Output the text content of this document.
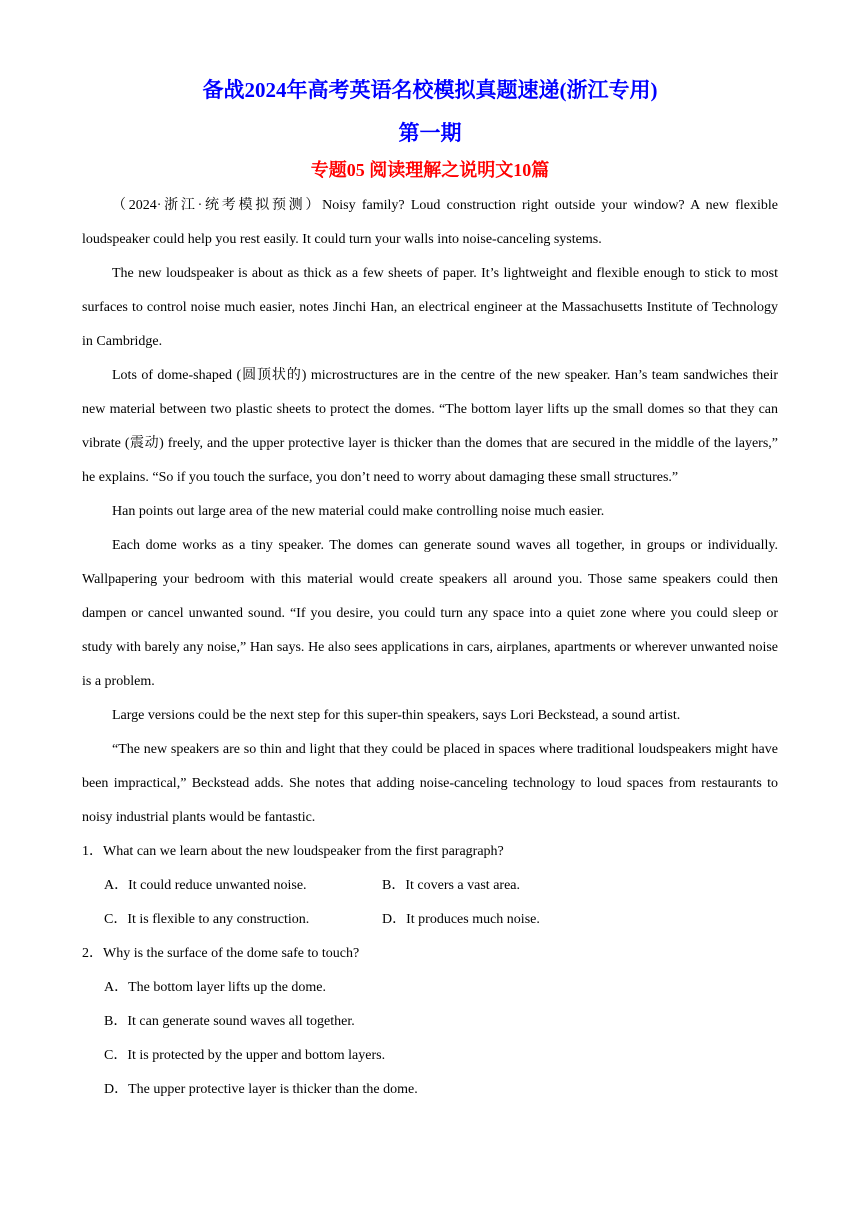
备战2024年高考英语名校模拟真题速递(浙江专用)
第一期
专题05 阅读理解之说明文10篇

（2024·浙江·统考模拟预测）Noisy family? Loud construction right outside your window? A new flexible loudspeaker could help you rest easily. It could turn your walls into noise-canceling systems.

The new loudspeaker is about as thick as a few sheets of paper. It’s lightweight and flexible enough to stick to most surfaces to control noise much easier, notes Jinchi Han, an electrical engineer at the Massachusetts Institute of Technology in Cambridge.

Lots of dome-shaped (圆顶状的) microstructures are in the centre of the new speaker. Han’s team sandwiches their new material between two plastic sheets to protect the domes. “The bottom layer lifts up the small domes so that they can vibrate (震动) freely, and the upper protective layer is thicker than the domes that are secured in the middle of the layers,” he explains. “So if you touch the surface, you don’t need to worry about damaging these small structures.”

Han points out large area of the new material could make controlling noise much easier.

Each dome works as a tiny speaker. The domes can generate sound waves all together, in groups or individually. Wallpapering your bedroom with this material would create speakers all around you. Those same speakers could then dampen or cancel unwanted sound. “If you desire, you could turn any space into a quiet zone where you could sleep or study with barely any noise,” Han says. He also sees applications in cars, airplanes, apartments or wherever unwanted noise is a problem.

Large versions could be the next step for this super-thin speakers, says Lori Beckstead, a sound artist.

“The new speakers are so thin and light that they could be placed in spaces where traditional loudspeakers might have been impractical,” Beckstead adds. She notes that adding noise-canceling technology to loud spaces from restaurants to noisy industrial plants would be fantastic.

1．What can we learn about the new loudspeaker from the first paragraph?

A．It could reduce unwanted noise.	B．It covers a vast area.
C．It is flexible to any construction.	D．It produces much noise.

2．Why is the surface of the dome safe to touch?

A．The bottom layer lifts up the dome.
B．It can generate sound waves all together.
C．It is protected by the upper and bottom layers.
D．The upper protective layer is thicker than the dome.
